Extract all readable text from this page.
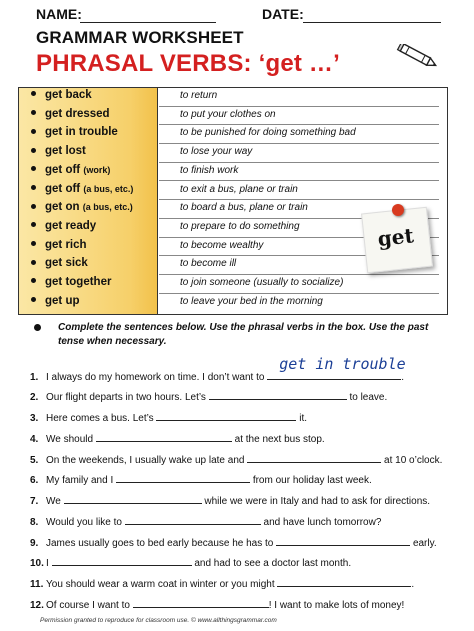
NAME:	DATE:
GRAMMAR WORKSHEET
PHRASAL VERBS: ‘get …’
get back	to return
get dressed	to put your clothes on
get in trouble	to be punished for doing something bad
get lost	to lose your way
get off (work)	to finish work
get off (a bus, etc.)	to exit a bus, plane or train
get on (a bus, etc.)	to board a bus, plane or train
get ready	to prepare to do something
get rich	to become wealthy
get sick	to become ill
get together	to join someone (usually to socialize)
get up	to leave your bed in the morning
get
Complete the sentences below. Use the phrasal verbs in the box. Use the past tense when necessary.
1. I always do my homework on time. I don’t want to
get in trouble
.
2. Our flight departs in two hours. Let’s	to leave.
3. Here comes a bus. Let’s	it.
4. We should	at the next bus stop.
5. On the weekends, I usually wake up late and	at 10 o’clock.
6. My family and I	from our holiday last week.
7. We	while we were in Italy and had to ask for directions.
8. Would you like to	and have lunch tomorrow?
9. James usually goes to bed early because he has to	early.
10. I	and had to see a doctor last month.
11. You should wear a warm coat in winter or you might	.
12. Of course I want to	! I want to make lots of money!
Permission granted to reproduce for classroom use. © www.allthingsgrammar.com
